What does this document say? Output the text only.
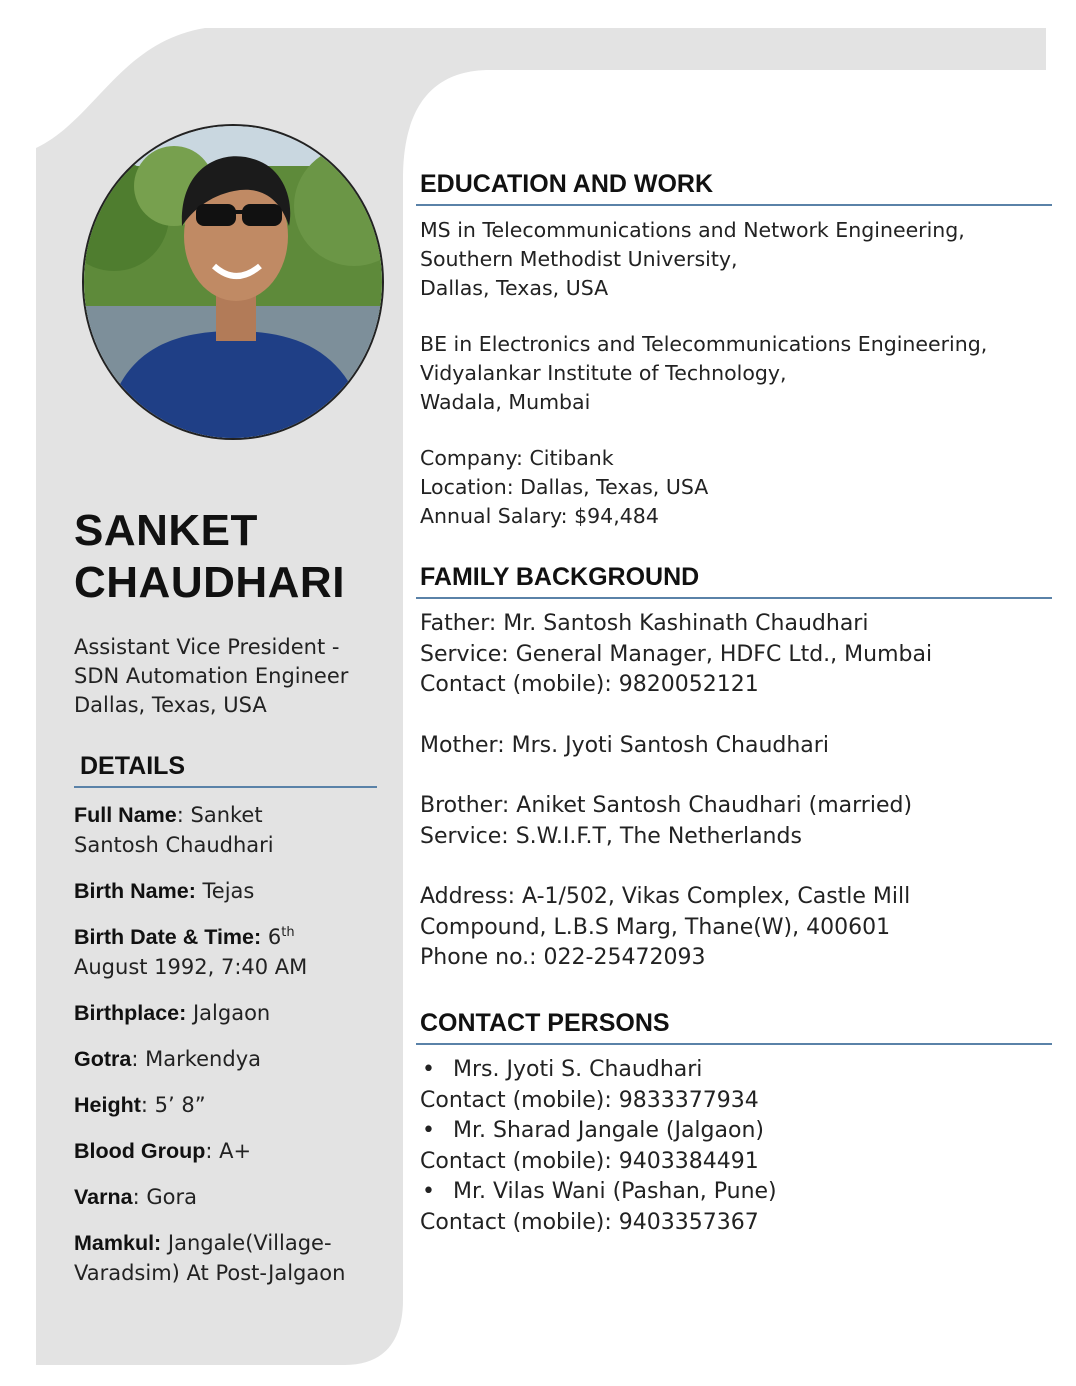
SANKET
CHAUDHARI
Assistant Vice President -
SDN Automation Engineer
Dallas, Texas, USA
DETAILS
Full Name: Sanket
Santosh Chaudhari
Birth Name: Tejas
Birth Date & Time: 6th
August 1992, 7:40 AM
Birthplace: Jalgaon
Gotra: Markendya
Height: 5’ 8”
Blood Group: A+
Varna: Gora
Mamkul: Jangale(Village-
Varadsim) At Post-Jalgaon
EDUCATION AND WORK
MS in Telecommunications and Network Engineering,
Southern Methodist University,
Dallas, Texas, USA
BE in Electronics and Telecommunications Engineering,
Vidyalankar Institute of Technology,
Wadala, Mumbai
Company: Citibank
Location: Dallas, Texas, USA
Annual Salary: $94,484
FAMILY BACKGROUND
Father: Mr. Santosh Kashinath Chaudhari
Service: General Manager, HDFC Ltd., Mumbai
Contact (mobile): 9820052121
Mother: Mrs. Jyoti Santosh Chaudhari
Brother: Aniket Santosh Chaudhari (married)
Service: S.W.I.F.T, The Netherlands
Address: A-1/502, Vikas Complex, Castle Mill
Compound, L.B.S Marg, Thane(W), 400601
Phone no.: 022-25472093
CONTACT PERSONS
• Mrs. Jyoti S. Chaudhari
Contact (mobile): 9833377934
• Mr. Sharad Jangale (Jalgaon)
Contact (mobile): 9403384491
• Mr. Vilas Wani (Pashan, Pune)
Contact (mobile): 9403357367
